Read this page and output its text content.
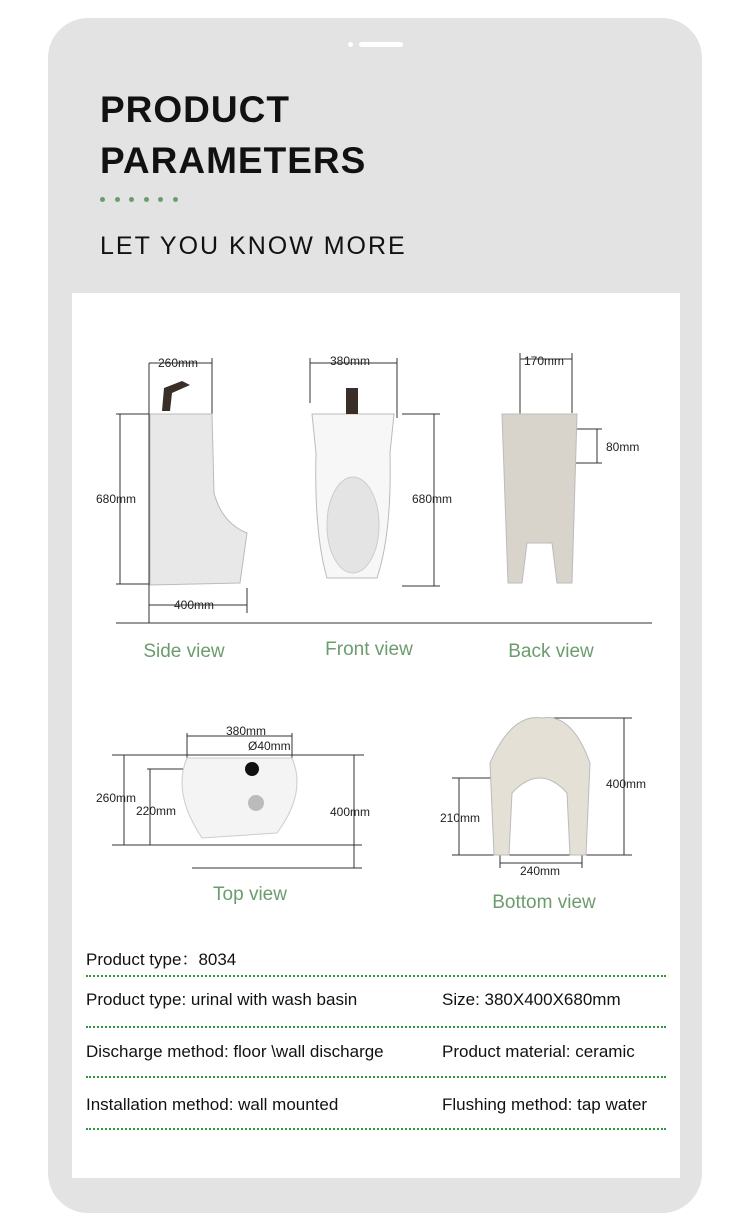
PRODUCT
PARAMETERS
LET YOU KNOW MORE
260mm
680mm
400mm
380mm
680mm
170mm
80mm
380mm
Ø40mm
260mm
220mm	400mm
400mm
210mm
240mm
Side view	Front view	Back view
Top view	Bottom view
Product type：8034
Product type: urinal with wash basin	Size: 380X400X680mm
Discharge method: floor \wall discharge	Product material: ceramic
Installation method: wall mounted	Flushing method: tap water
